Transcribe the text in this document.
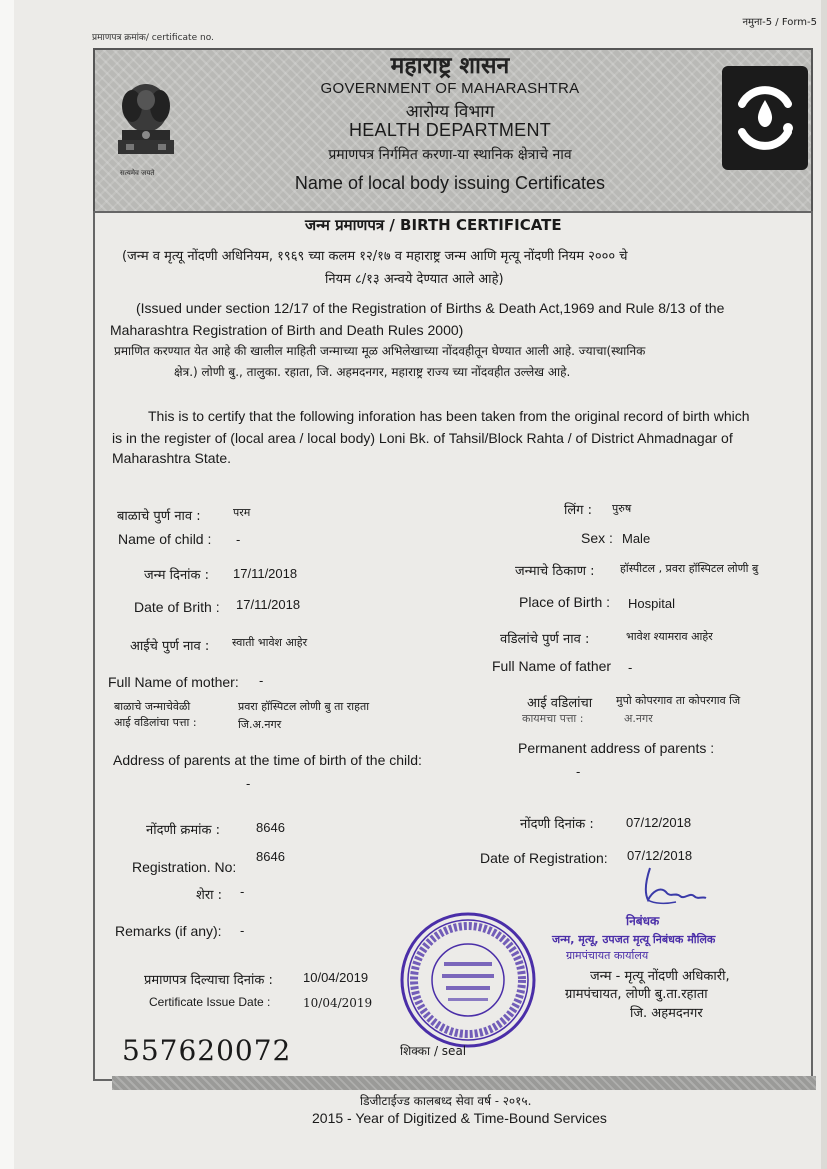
नमुना-5 / Form-5
प्रमाणपत्र क्रमांक/ certificate no.
सत्यमेव जयते
महाराष्ट्र शासन
GOVERNMENT OF MAHARASHTRA
आरोग्य विभाग
HEALTH DEPARTMENT
प्रमाणपत्र निर्गमित करणा-या स्थानिक क्षेत्राचे नाव
Name of local body issuing Certificates
जन्म प्रमाणपत्र / BIRTH CERTIFICATE
(जन्म व मृत्यू नोंदणी अधिनियम, १९६९ च्या कलम १२/१७ व महाराष्ट्र जन्म आणि मृत्यू नोंदणी नियम २००० चे
नियम ८/१३ अन्वये देण्यात आले आहे)
(Issued under section 12/17 of the Registration of Births & Death Act,1969 and Rule 8/13 of the
Maharashtra Registration of Birth and Death Rules 2000)
प्रमाणित करण्यात येत आहे की खालील माहिती जन्माच्या मूळ अभिलेखाच्या नोंदवहीतून घेण्यात आली आहे. ज्याचा(स्थानिक
क्षेत्र.) लोणी बु., तालुका. रहाता, जि. अहमदनगर, महाराष्ट्र राज्य च्या नोंदवहीत उल्लेख आहे.
This is to certify that the following inforation has been taken from the original record of birth which
is in the register of (local area / local body) Loni Bk. of Tahsil/Block Rahta / of District Ahmadnagar of
Maharashtra State.
बाळाचे पुर्ण नाव :	परम
Name of child : -
लिंग : पुरुष
Sex : Male
जन्म दिनांक : 17/11/2018
Date of Brith : 17/11/2018
जन्माचे ठिकाण : हॉस्पीटल , प्रवरा हॉस्पिटल लोणी बु
Place of Birth : Hospital
आईचे पुर्ण नाव : स्वाती भावेश आहेर
Full Name of mother: -
वडिलांचे पुर्ण नाव :	भावेश श्यामराव आहेर
Full Name of father -
बाळाचे जन्माचेवेळी
आई वडिलांचा पत्ता :
प्रवरा हॉस्पिटल लोणी बु ता राहता
जि.अ.नगर
Address of parents at the time of birth of the child:
-
आई वडिलांचा
कायमचा पत्ता :
मुपो कोपरगाव ता कोपरगाव जि
अ.नगर
Permanent address of parents :
-
नोंदणी क्रमांक :	8646
Registration. No:
8646
नोंदणी दिनांक : 07/12/2018
Date of Registration: 07/12/2018
शेरा : -
Remarks (if any): -
प्रमाणपत्र दिल्याचा दिनांक : 10/04/2019
Certificate Issue Date :	10/04/2019
निबंधक
जन्म, मृत्यू, उपजत मृत्यू निबंधक मौलिक
ग्रामपंचायत कार्यालय
जन्म - मृत्यू नोंदणी अधिकारी,
ग्रामपंचायत, लोणी बु.ता.रहाता
जि. अहमदनगर
शिक्का / seal
557620072
डिजीटाईज्ड कालबध्द सेवा वर्ष - २०१५.
2015 - Year of Digitized & Time-Bound Services
